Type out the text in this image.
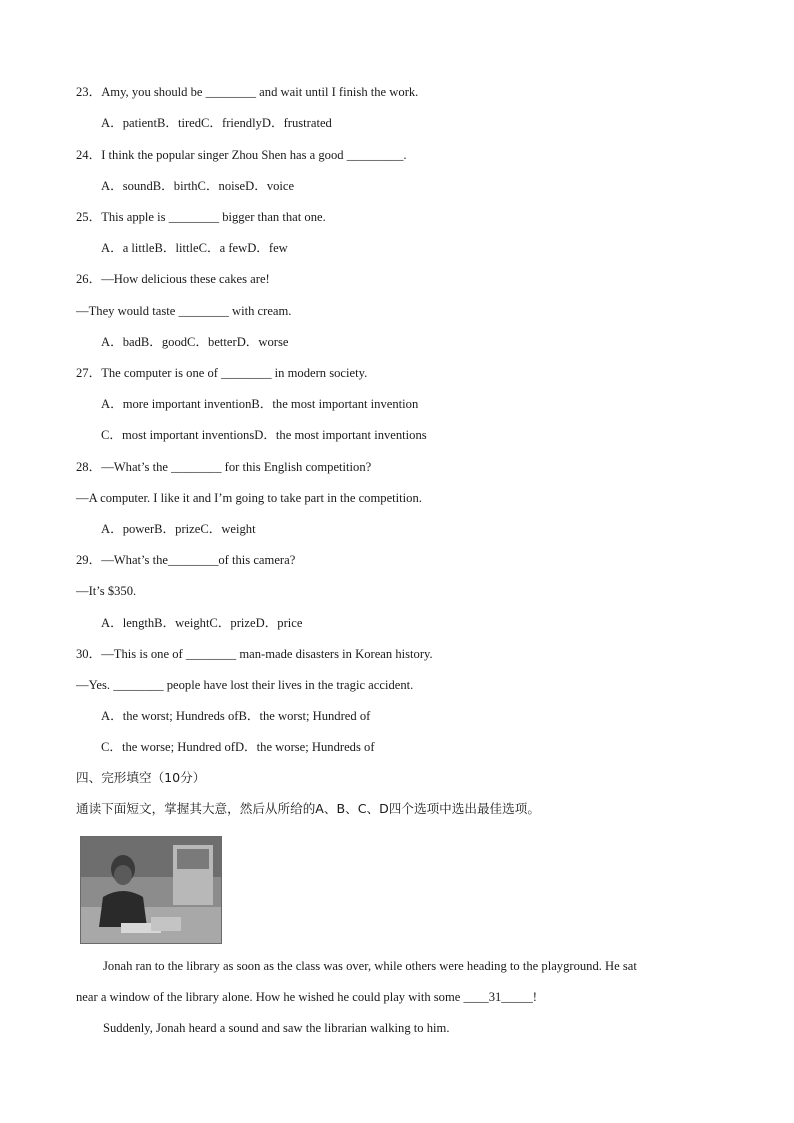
23．Amy, you should be ________ and wait until I finish the work.
A．patientB．tiredC．friendlyD．frustrated
24．I think the popular singer Zhou Shen has a good _________.
A．soundB．birthC．noiseD．voice
25．This apple is ________ bigger than that one.
A．a littleB．littleC．a fewD．few
26．—How delicious these cakes are!
—They would taste ________ with cream.
A．badB．goodC．betterD．worse
27．The computer is one of ________ in modern society.
A．more important inventionB．the most important invention
C．most important inventionsD．the most important inventions
28．—What’s the ________ for this English competition?
—A computer. I like it and I’m going to take part in the competition.
A．powerB．prizeC．weight
29．—What’s the________of this camera?
—It’s $350.
A．lengthB．weightC．prizeD．price
30．—This is one of ________ man-made disasters in Korean history.
—Yes. ________ people have lost their lives in the tragic accident.
A．the worst; Hundreds ofB．the worst; Hundred of
C．the worse; Hundred ofD．the worse; Hundreds of
四、完形填空（10分）
通读下面短文，掌握其大意，然后从所给的A、B、C、D四个选项中选出最佳选项。
Jonah ran to the library as soon as the class was over, while others were heading to the playground. He sat
near a window of the library alone. How he wished he could play with some ____31_____!
Suddenly, Jonah heard a sound and saw the librarian walking to him.
